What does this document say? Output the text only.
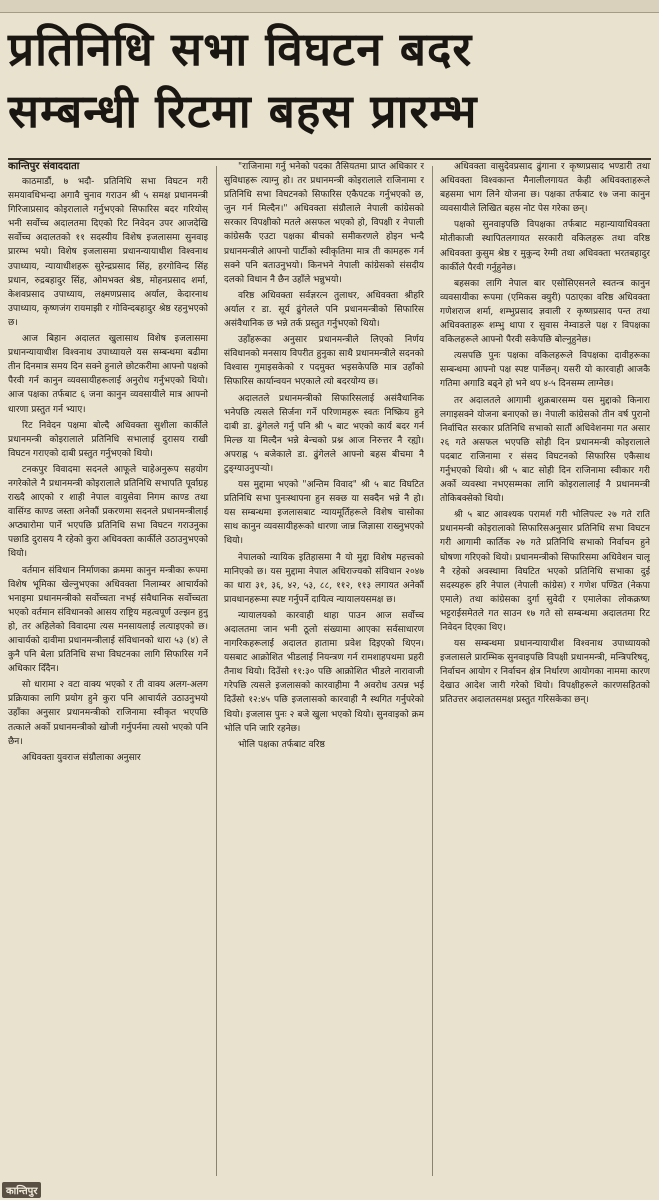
प्रतिनिधि सभा विघटन बदर
सम्बन्धी रिटमा बहस प्रारम्भ
कान्तिपुर संवाददाता

काठमाडौं, ७ भदौ- प्रतिनिधि सभा विघटन गरी समयावधिभन्दा अगावै चुनाव गराउन श्री ५ समक्ष प्रधानमन्त्री गिरिजाप्रसाद कोइरालाले गर्नुभएको सिफारिस बदर गरियोस् भनी सर्वोच्च अदालतमा दिएको रिट निवेदन उपर आजदेखि सर्वोच्च अदालतको ११ सदस्यीय विशेष इजलासमा सुनवाइ प्रारम्भ भयो। विशेष इजलासमा प्रधानन्यायाधीश विश्वनाथ उपाध्याय, न्यायाधीशहरू सुरेन्द्रप्रसाद सिंह, हरगोविन्द सिंह प्रधान, रुद्रबहादुर सिंह, ओमभक्त श्रेष्ठ, मोहनप्रसाद शर्मा, केशवप्रसाद उपाध्याय, लक्ष्मणप्रसाद अर्याल, केदारनाथ उपाध्याय, कृष्णजंग रायमाझी र गोविन्दबहादुर श्रेष्ठ रहनुभएको छ।

आज बिहान अदालत खुलासाथ विशेष इजलासमा प्रधानन्यायाधीश विश्वनाथ उपाध्यायले यस सम्बन्धमा बढीमा तीन दिनमात्र समय दिन सक्ने हुनाले छोटकरीमा आफ्नो पक्षको पैरवी गर्न कानुन व्यवसायीहरूलाई अनुरोध गर्नुभएको थियो। आज पक्षका तर्फबाट ६ जना कानुन व्यवसायीले मात्र आफ्नो धारणा प्रस्तुत गर्न भ्याए।

रिट निवेदन पक्षमा बोल्दै अधिवक्ता सुशीला कार्कीले प्रधानमन्त्री कोइरालाले प्रतिनिधि सभालाई दुरासय राखी विघटन गराएको दाबी प्रस्तुत गर्नुभएको थियो।

टनकपुर विवादमा सदनले आफूले चाहेअनुरूप सहयोग नगरेकोले नै प्रधानमन्त्री कोइरालाले प्रतिनिधि सभापति पूर्वाग्रह राख्दै आएको र शाही नेपाल वायुसेवा निगम काण्ड तथा वासिंग्ड काण्ड जस्ता अनेकौं प्रकरणमा सदनले प्रधानमन्त्रीलाई अप्ठ्यारोमा पार्ने भएपछि प्रतिनिधि सभा विघटन गराउनुका पछाडि दुरासय नै रहेको कुरा अधिवक्ता कार्कीले उठाउनुभएको थियो।

वर्तमान संविधान निर्माणका क्रममा कानुन मन्त्रीका रूपमा विशेष भूमिका खेल्नुभएका अधिवक्ता निलाम्बर आचार्यको भनाइमा प्रधानमन्त्रीको सर्वोच्चता नभई संवैधानिक सर्वोच्चता भएको वर्तमान संविधानको आसय राष्ट्रिय महत्वपूर्ण उल्झन हुनु हो, तर अहिलेको विवादमा त्यस मनसायलाई लत्याइएको छ। आचार्यको दावीमा प्रधानमन्त्रीलाई संविधानको धारा ५३ (४) ले कुनै पनि बेला प्रतिनिधि सभा विघटनका लागि सिफारिस गर्ने अधिकार दिँदैन।

सो धारामा २ वटा वाक्य भएको र ती वाक्य अलग-अलग प्रक्रियाका लागि प्रयोग हुने कुरा पनि आचार्यले उठाउनुभयो उहाँका अनुसार प्रधानमन्त्रीको राजिनामा स्वीकृत भएपछि तत्काले अर्को प्रधानमन्त्रीको खोजी गर्नुपर्नमा त्यसो भएको पनि छैन।

अधिवक्ता युवराज संग्रौलाका अनुसार

"राजिनामा गर्नु भनेको पदका तैसियतमा प्राप्त अधिकार र सुविधाहरू त्याग्नु हो। तर प्रधानमन्त्री कोइरालाले राजिनामा र प्रतिनिधि सभा विघटनको सिफारिस एकैपटक गर्नुभएको छ, जुन गर्न मिल्दैन।" अधिवक्ता संग्रौलाले नेपाली कांग्रेसको सरकार विपक्षीको मतले असफल भएको हो, विपक्षी र नेपाली कांग्रेसकै एउटा पक्षका बीचको समीकरणले होइन भन्दै प्रधानमन्त्रीले आफ्नो पार्टीको स्वीकृतिमा मात्र ती कामहरू गर्न सक्ने पनि बताउनुभयो। किनभने नेपाली कांग्रेसको संसदीय दलको विधान नै छैन उहाँले भन्नुभयो।

वरिष्ठ अधिवक्ता सर्वज्ञरत्न तुलाधर, अधिवक्ता श्रीहरि अर्याल र डा. सूर्य ढुंगेलले पनि प्रधानमन्त्रीको सिफारिस असंवैधानिक छ भन्ने तर्क प्रस्तुत गर्नुभएको थियो।

उहाँहरूका अनुसार प्रधानमन्त्रीले लिएको निर्णय संविधानको मनसाय विपरीत हुनुका साथै प्रधानमन्त्रीले सदनको विश्वास गुमाइसकेको र पदमुक्त भइसकेपछि मात्र उहाँको सिफारिस कार्यान्वयन भएकाले त्यो बदरयोग्य छ।

अदालतले प्रधानमन्त्रीको सिफारिसलाई असंवैधानिक भनेपछि त्यसले सिर्जना गर्ने परिणामहरू स्वतः निष्क्रिय हुने दाबी डा. ढुंगेलले गर्नु पनि श्री ५ बाट भएको कार्य बदर गर्न मिल्छ या मिल्दैन भन्ने बेन्चको प्रश्न आज निरुत्तर नै रह्यो। अपराह्न ५ बजेकाले डा. ढुंगेलले आफ्नो बहस बीचमा नै टुङ्ग्याउनुपर्‍यो।

यस मुद्दामा भएको "अन्तिम विवाद" श्री ५ बाट विघटित प्रतिनिधि सभा पुनःस्थापना हुन सक्छ या सक्दैन भन्ने नै हो। यस सम्बन्धमा इजलासबाट न्यायमूर्तिहरूले विशेष चासोका साथ कानुन व्यवसायीहरूको धारणा जान्न जिज्ञासा राख्नुभएको थियो।

नेपालको न्यायिक इतिहासमा नै यो मुद्दा विशेष महत्त्वको मानिएको छ। यस मुद्दामा नेपाल अधिराज्यको संविधान २०४७ का धारा ३१, ३६, ४२, ५३, ८८, ११२, ११३ लगायत अनेकौं प्रावधानहरूमा स्पष्ट गर्नुपर्ने दायित्व न्यायालयसमक्ष छ।

न्यायालयको कारवाही थाहा पाउन आज सर्वोच्च अदालतमा जान भनी ठूलो संख्यामा आएका सर्वसाधारण नागरिकहरूलाई अदालत हातामा प्रवेश दिइएको थिएन। यसबाट आक्रोशित भीडलाई नियन्त्रण गर्न रामशाहपथमा प्रहरी तैनाथ थियो। दिउँसो ११:३० पछि आक्रोशित भीडले नारावाजी गरेपछि त्यसले इजलासको कारवाहीमा नै अवरोध उत्पन्न भई दिउँसो १२:४५ पछि इजलासको कारवाही नै स्थगित गर्नुपरेको थियो। इजलास पुनः २ बजे खुला भएको थियो। सुनवाइको क्रम भोलि पनि जारि रहनेछ।

भोलि पक्षका तर्फबाट वरिष्ठ

अधिवक्ता वासुदेवप्रसाद ढुंगाना र कृष्णप्रसाद भण्डारी तथा अधिवक्ता विश्वकान्त मैनालीलगायत केही अधिवक्ताहरूले बहसमा भाग लिने योजना छ। पक्षका तर्फबाट १७ जना कानुन व्यवसायीले लिखित बहस नोट पेस गरेका छन्।

पक्षको सुनवाइपछि विपक्षका तर्फबाट महान्यायाधिवक्ता मोतीकाजी स्थापितलगायत सरकारी वकिलहरू तथा वरिष्ठ अधिवक्ता कुसुम श्रेष्ठ र मुकुन्द रेग्मी तथा अधिवक्ता भरतबहादुर कार्कीले पैरवी गर्नुहुनेछ।

बहसका लागि नेपाल बार एसोसिएसनले स्वतन्त्र कानुन व्यवसायीका रूपमा (एमिकस क्युरी) पठाएका वरिष्ठ अधिवक्ता गणेशराज शर्मा, शम्भुप्रसाद ज्ञवाली र कृष्णप्रसाद पन्त तथा अधिवक्ताहरू शम्भु थापा र सुवास नेम्वाङले पक्ष र विपक्षका वकिलहरूले आफ्नो पैरवी सकेपछि बोल्नुहुनेछ।

त्यसपछि पुनः पक्षका वकिलहरूले विपक्षका दावीहरूका सम्बन्धमा आफ्नो पक्ष स्पष्ट पार्नेछन्। यसरी यो कारवाही आजकै गतिमा अगाडि बढ्ने हो भने थप ४-५ दिनसम्म लाग्नेछ।

तर अदालतले आगामी शुक्रबारसम्म यस मुद्दाको किनारा लगाइसक्ने योजना बनाएको छ। नेपाली कांग्रेसको तीन वर्ष पुरानो निर्वाचित सरकार प्रतिनिधि सभाको सातौं अधिवेशनमा गत असार २६ गते असफल भएपछि सोही दिन प्रधानमन्त्री कोइरालाले पदबाट राजिनामा र संसद विघटनको सिफारिस एकैसाथ गर्नुभएको थियो। श्री ५ बाट सोही दिन राजिनामा स्वीकार गरी अर्को व्यवस्था नभएसम्मका लागि कोइरालालाई नै प्रधानमन्त्री तोकिबक्सेको थियो।

श्री ५ बाट आवश्यक परामर्श गरी भोलिपल्ट २७ गते राति प्रधानमन्त्री कोइरालाको सिफारिसअनुसार प्रतिनिधि सभा विघटन गरी आगामी कार्तिक २७ गते प्रतिनिधि सभाको निर्वाचन हुने घोषणा गरिएको थियो। प्रधानमन्त्रीको सिफारिसमा अधिवेशन चालू नै रहेको अवस्थामा विघटित भएको प्रतिनिधि सभाका दुई सदस्यहरू हरि नेपाल (नेपाली कांग्रेस) र गणेश पण्डित (नेकपा एमाले) तथा कांग्रेसका दुर्गा सुवेदी र एमालेका लोकक्रष्ण भट्टराईसमेतले गत साउन १७ गते सो सम्बन्धमा अदालतमा रिट निवेदन दिएका थिए।

यस सम्बन्धमा प्रधानन्यायाधीश विश्वनाथ उपाध्यायको इजलासले प्रारम्भिक सुनवाइपछि विपक्षी प्रधानमन्त्री, मन्त्रिपरिषद्, निर्वाचन आयोग र निर्वाचन क्षेत्र निर्धारण आयोगका नाममा कारण देखाउ आदेश जारी गरेको थियो। विपक्षीहरूले कारणसहितको प्रतिउत्तर अदालतसमक्ष प्रस्तुत गरिसकेका छन्।

कान्तिपुर
